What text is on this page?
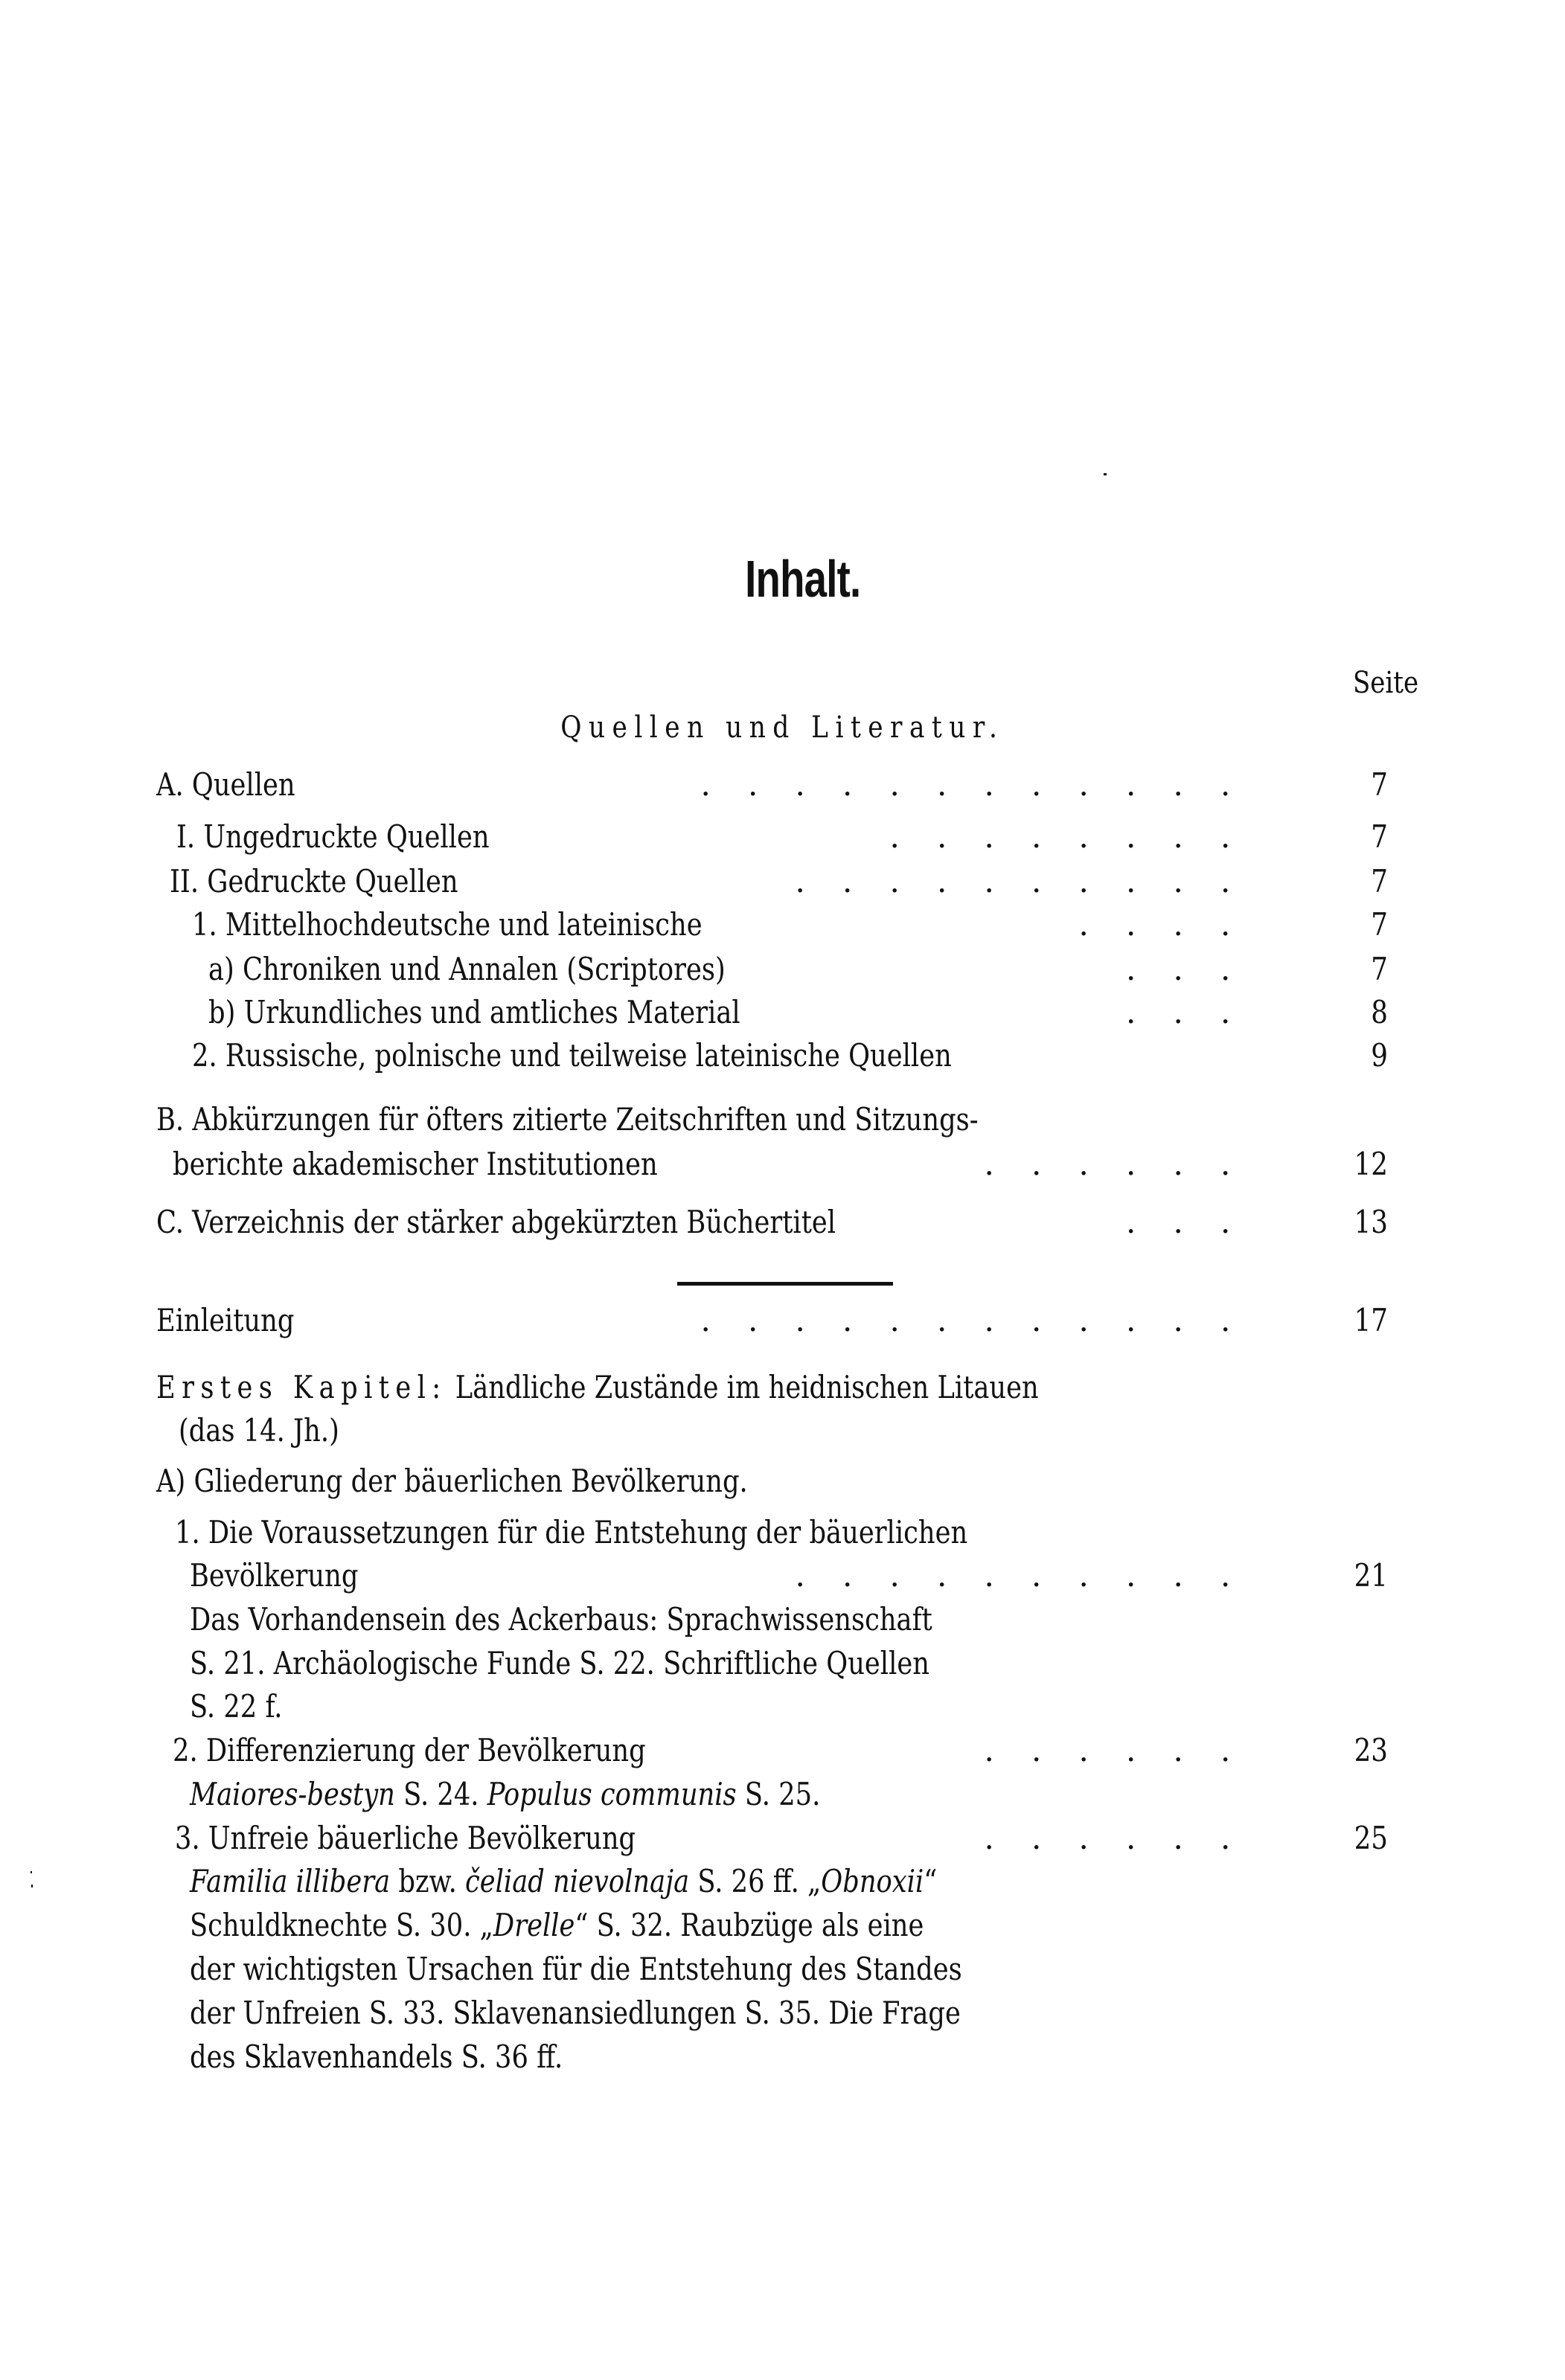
Inhalt.
Seite
Quellen und Literatur.
A. Quellen	. . . . . . . . . . . .	7
I. Ungedruckte Quellen	. . . . . . . .	7
II. Gedruckte Quellen	. . . . . . . . . .	7
1. Mittelhochdeutsche und lateinische	. . . .	7
a) Chroniken und Annalen (Scriptores)	. . .	7
b) Urkundliches und amtliches Material	. . .	8
2. Russische, polnische und teilweise lateinische Quellen	9
B. Abkürzungen für öfters zitierte Zeitschriften und Sitzungs-
berichte akademischer Institutionen	. . . . . .	12
C. Verzeichnis der stärker abgekürzten Büchertitel	. . .	13
Einleitung	. . . . . . . . . . . .	17
Erstes Kapitel: Ländliche Zustände im heidnischen Litauen
(das 14. Jh.)
A) Gliederung der bäuerlichen Bevölkerung.
1. Die Voraussetzungen für die Entstehung der bäuerlichen
Bevölkerung	. . . . . . . . . .	21
Das Vorhandensein des Ackerbaus: Sprachwissenschaft
S. 21. Archäologische Funde S. 22. Schriftliche Quellen
S. 22 f.
2. Differenzierung der Bevölkerung	. . . . . .	23
Maiores-bestyn S. 24. Populus communis S. 25.
3. Unfreie bäuerliche Bevölkerung	. . . . . .	25
Familia illibera bzw. čeliad nievolnaja S. 26 ff. „Obnoxii“
Schuldknechte S. 30. „Drelle“ S. 32. Raubzüge als eine
der wichtigsten Ursachen für die Entstehung des Standes
der Unfreien S. 33. Sklavenansiedlungen S. 35. Die Frage
des Sklavenhandels S. 36 ff.
